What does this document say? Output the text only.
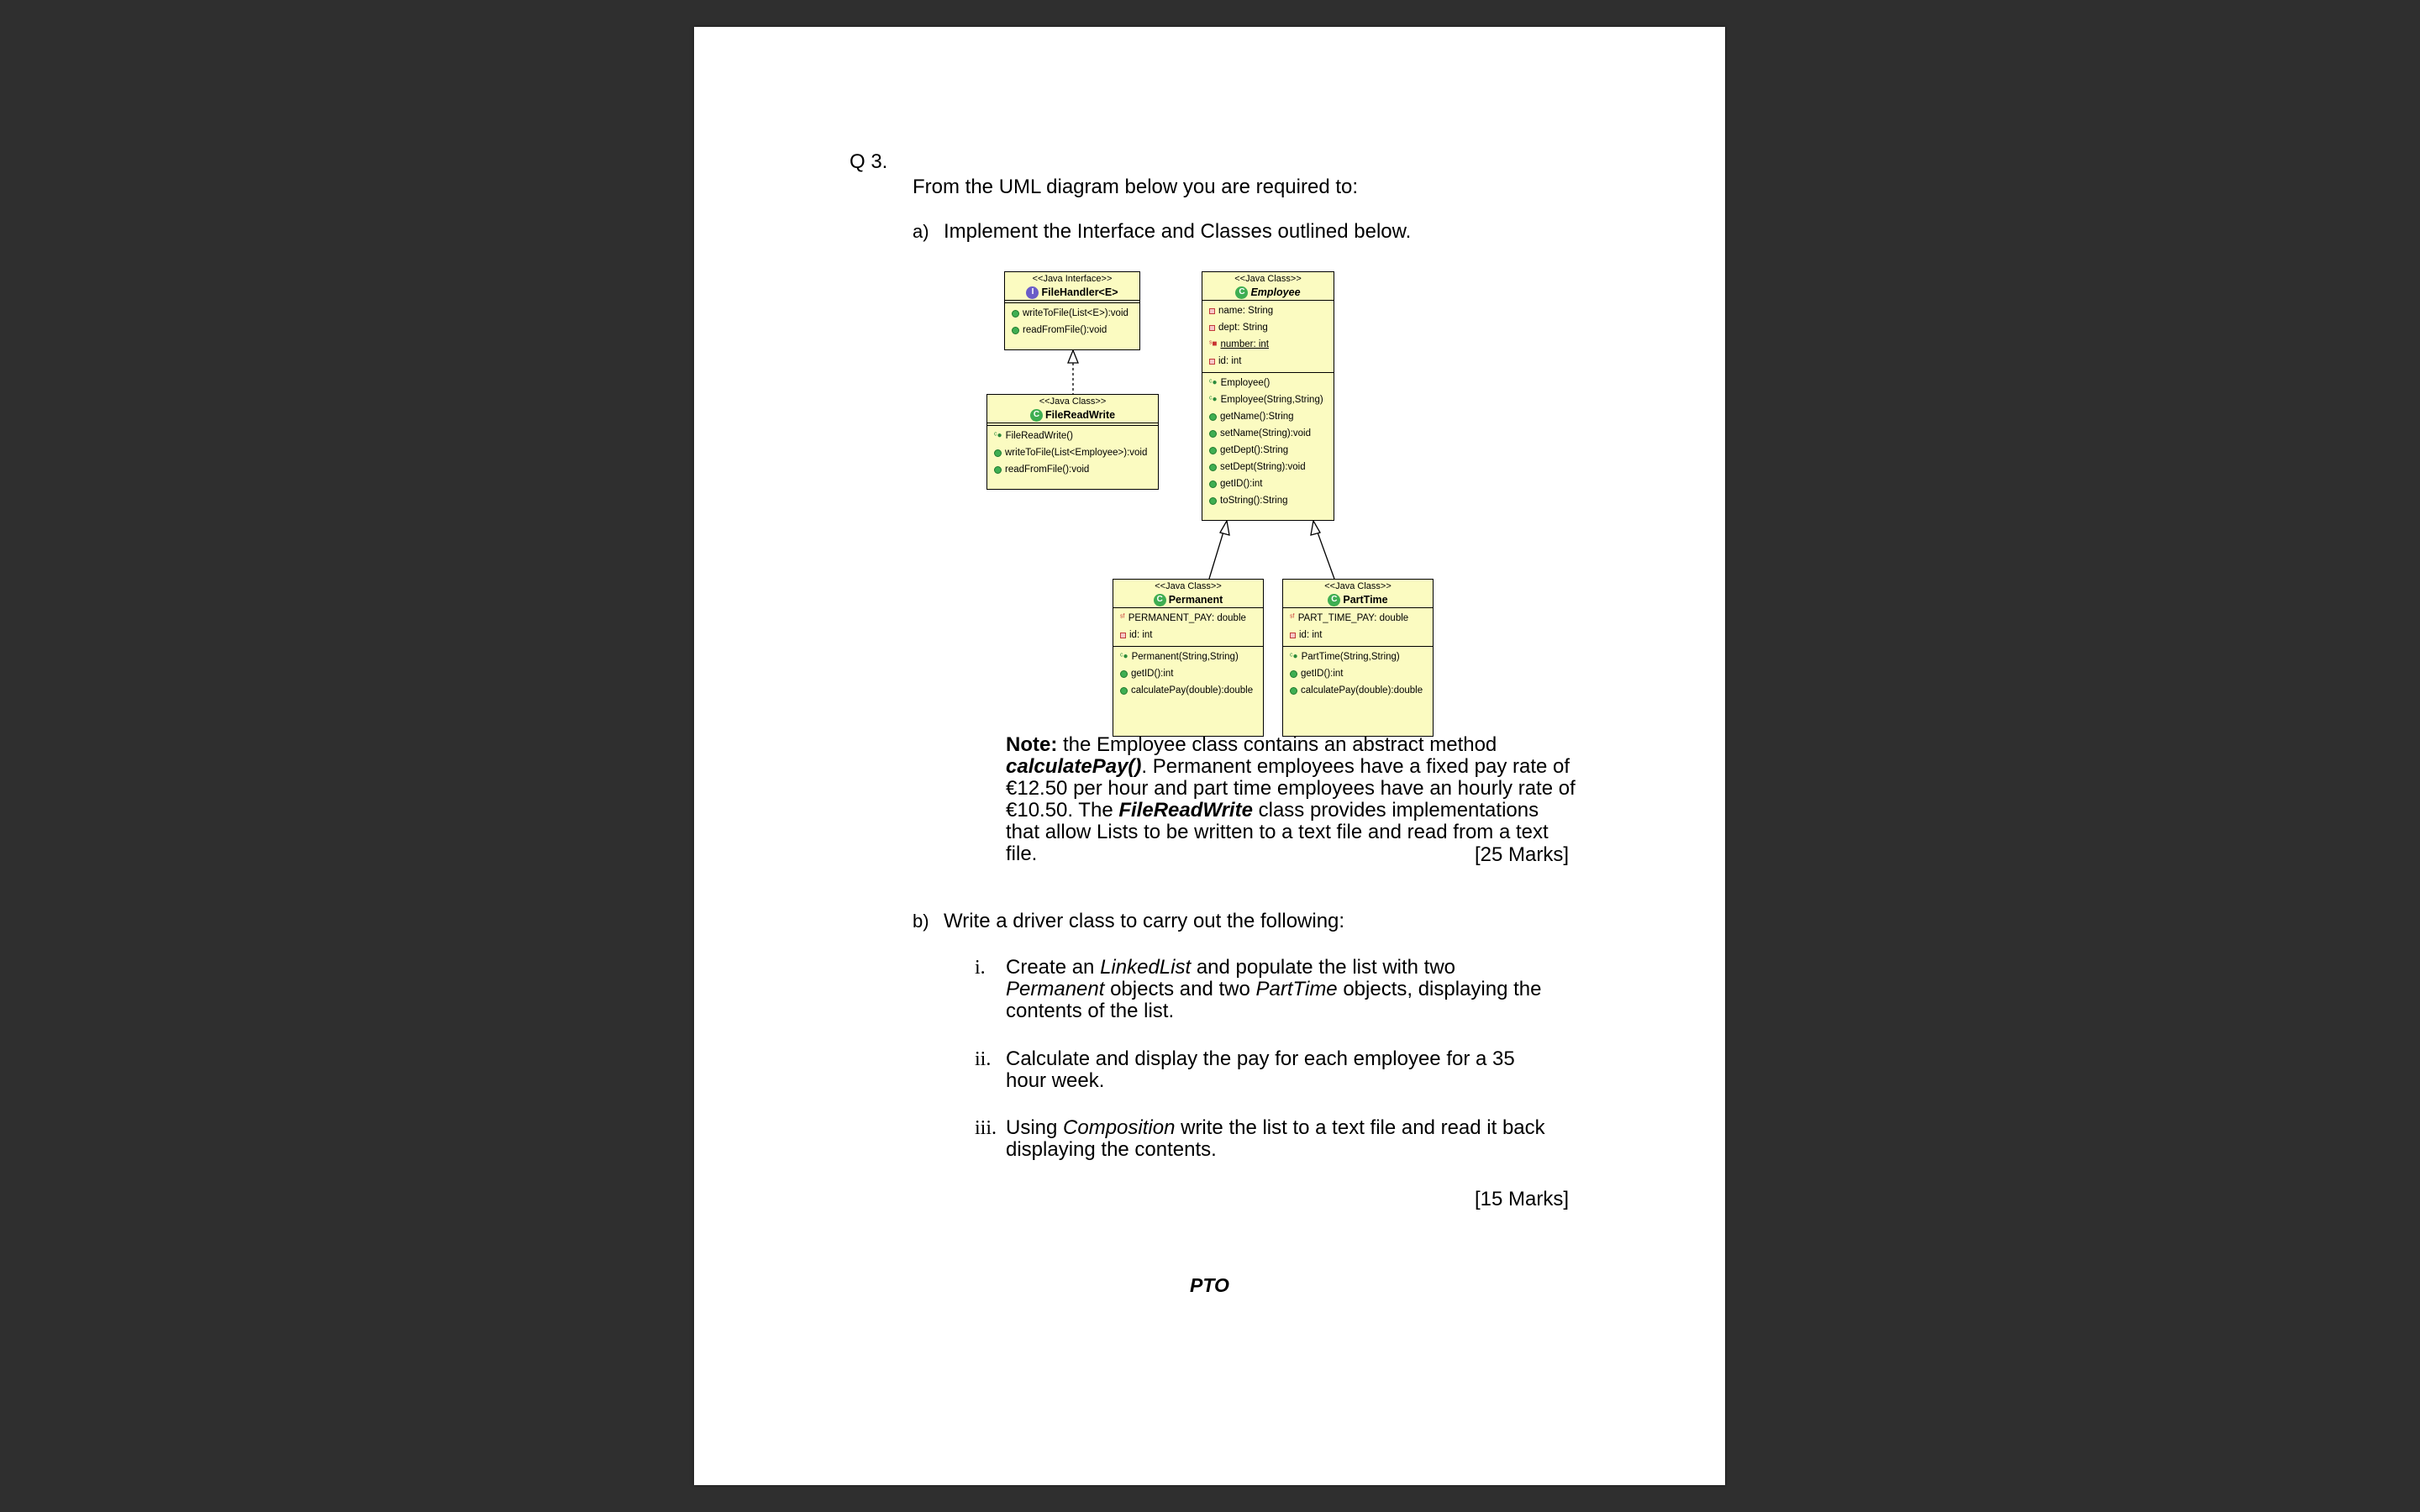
Q 3.
From the UML diagram below you are required to:
a) Implement the Interface and Classes outlined below.
<<Java Interface>>
I FileHandler<E>
writeToFile(List<E>):void
readFromFile():void
<<Java Class>>
C FileReadWrite
ᶜ● FileReadWrite()
writeToFile(List<Employee>):void
readFromFile():void
<<Java Class>>
C Employee
name: String
dept: String
ˢ■ number: int
id: int
ᶜ● Employee()
ᶜ● Employee(String,String)
getName():String
setName(String):void
getDept():String
setDept(String):void
getID():int
toString():String
<<Java Class>>
C Permanent
ˢᶠ PERMANENT_PAY: double
id: int
ᶜ● Permanent(String,String)
getID():int
calculatePay(double):double
<<Java Class>>
C PartTime
ˢᶠ PART_TIME_PAY: double
id: int
ᶜ● PartTime(String,String)
getID():int
calculatePay(double):double
Note: the Employee class contains an abstract method calculatePay(). Permanent employees have a fixed pay rate of €12.50 per hour and part time employees have an hourly rate of €10.50. The FileReadWrite class provides implementations that allow Lists to be written to a text file and read from a text file.	[25 Marks]
b) Write a driver class to carry out the following:
i. Create an LinkedList and populate the list with two Permanent objects and two PartTime objects, displaying the contents of the list.
ii. Calculate and display the pay for each employee for a 35 hour week.
iii. Using Composition write the list to a text file and read it back displaying the contents.
[15 Marks]
PTO
